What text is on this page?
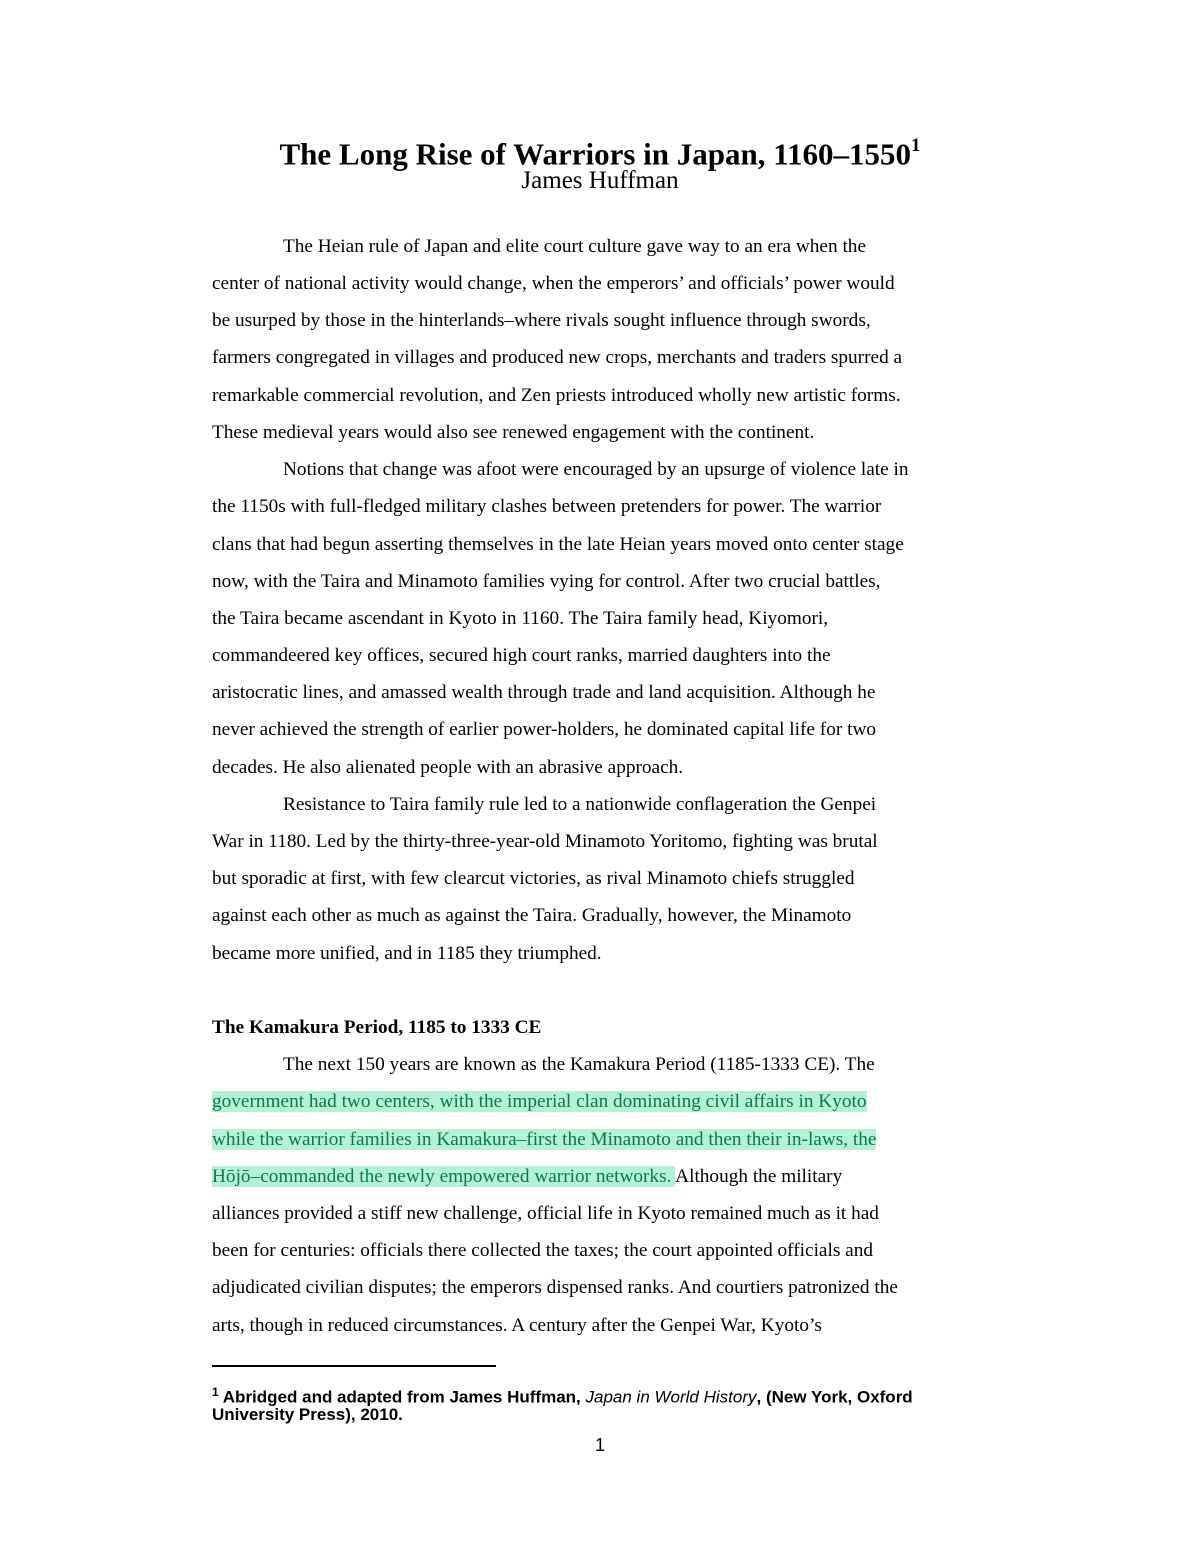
The Long Rise of Warriors in Japan, 1160–1550$^1$
James Huffman
The Heian rule of Japan and elite court culture gave way to an era when the
center of national activity would change, when the emperors’ and officials’ power would
be usurped by those in the hinterlands–where rivals sought influence through swords,
farmers congregated in villages and produced new crops, merchants and traders spurred a
remarkable commercial revolution, and Zen priests introduced wholly new artistic forms.
These medieval years would also see renewed engagement with the continent.
Notions that change was afoot were encouraged by an upsurge of violence late in
the 1150s with full-fledged military clashes between pretenders for power. The warrior
clans that had begun asserting themselves in the late Heian years moved onto center stage
now, with the Taira and Minamoto families vying for control. After two crucial battles,
the Taira became ascendant in Kyoto in 1160. The Taira family head, Kiyomori,
commandeered key offices, secured high court ranks, married daughters into the
aristocratic lines, and amassed wealth through trade and land acquisition. Although he
never achieved the strength of earlier power-holders, he dominated capital life for two
decades. He also alienated people with an abrasive approach.
Resistance to Taira family rule led to a nationwide conflageration the Genpei
War in 1180. Led by the thirty-three-year-old Minamoto Yoritomo, fighting was brutal
but sporadic at first, with few clearcut victories, as rival Minamoto chiefs struggled
against each other as much as against the Taira. Gradually, however, the Minamoto
became more unified, and in 1185 they triumphed.
The Kamakura Period, 1185 to 1333 CE
The next 150 years are known as the Kamakura Period (1185-1333 CE). The
government had two centers, with the imperial clan dominating civil affairs in Kyoto
while the warrior families in Kamakura–first the Minamoto and then their in-laws, the
Hōjō–commanded the newly empowered warrior networks. Although the military
alliances provided a stiff new challenge, official life in Kyoto remained much as it had
been for centuries: officials there collected the taxes; the court appointed officials and
adjudicated civilian disputes; the emperors dispensed ranks. And courtiers patronized the
arts, though in reduced circumstances. A century after the Genpei War, Kyoto’s
$^1$ Abridged and adapted from James Huffman, Japan in World History, (New York, Oxford
University Press), 2010.
1
